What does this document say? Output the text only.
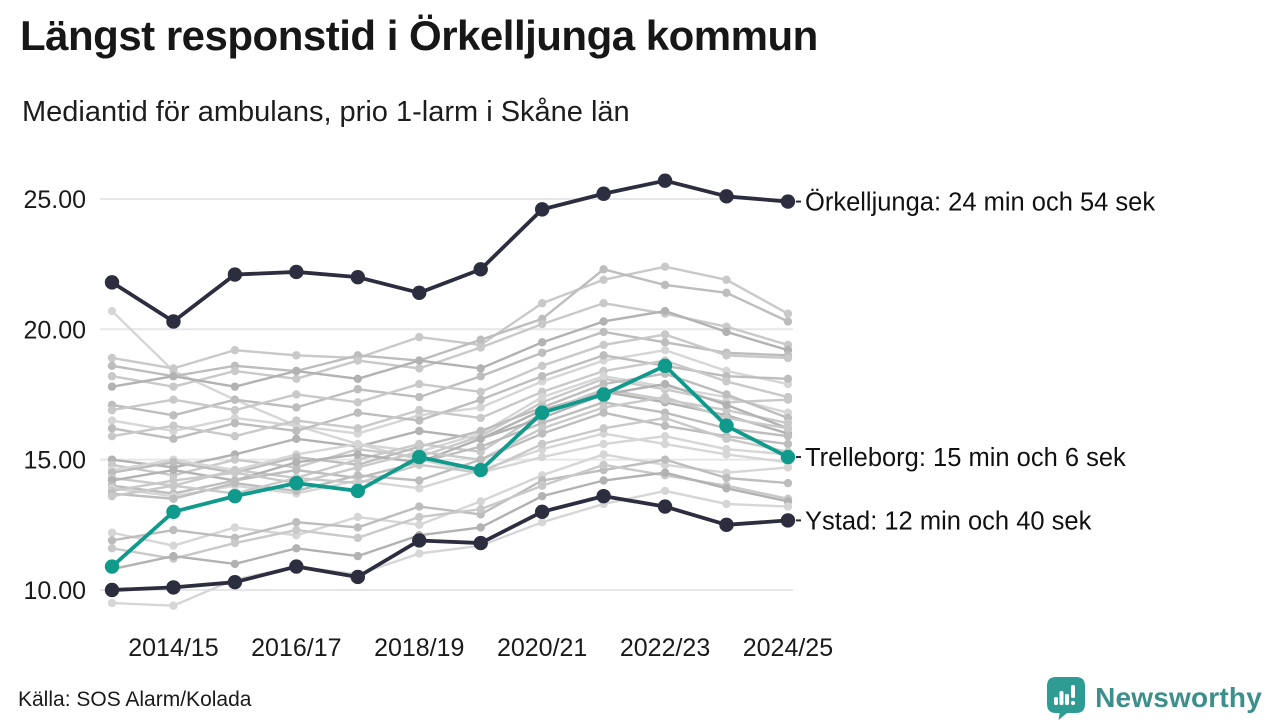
Längst responstid i Örkelljunga kommun
Mediantid för ambulans, prio 1-larm i Skåne län
10.00
15.00
20.00
25.00
2014/15 2016/17 2018/19 2020/21 2022/23 2024/25
Örkelljunga: 24 min och 54 sek
Trelleborg: 15 min och 6 sek
Ystad: 12 min och 40 sek
Källa: SOS Alarm/Kolada	Newsworthy
